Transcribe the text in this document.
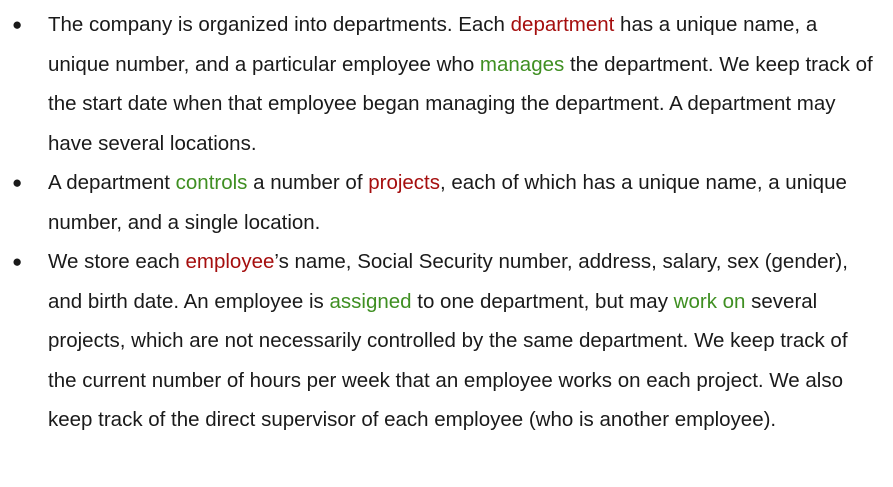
● The company is organized into departments. Each department has a unique name, a unique number, and a particular employee who manages the department. We keep track of the start date when that employee began managing the department. A department may have several locations.
● A department controls a number of projects, each of which has a unique name, a unique number, and a single location.
● We store each employee’s name, Social Security number, address, salary, sex (gender), and birth date. An employee is assigned to one department, but may work on several projects, which are not necessarily controlled by the same department. We keep track of the current number of hours per week that an employee works on each project. We also keep track of the direct supervisor of each employee (who is another employee).
